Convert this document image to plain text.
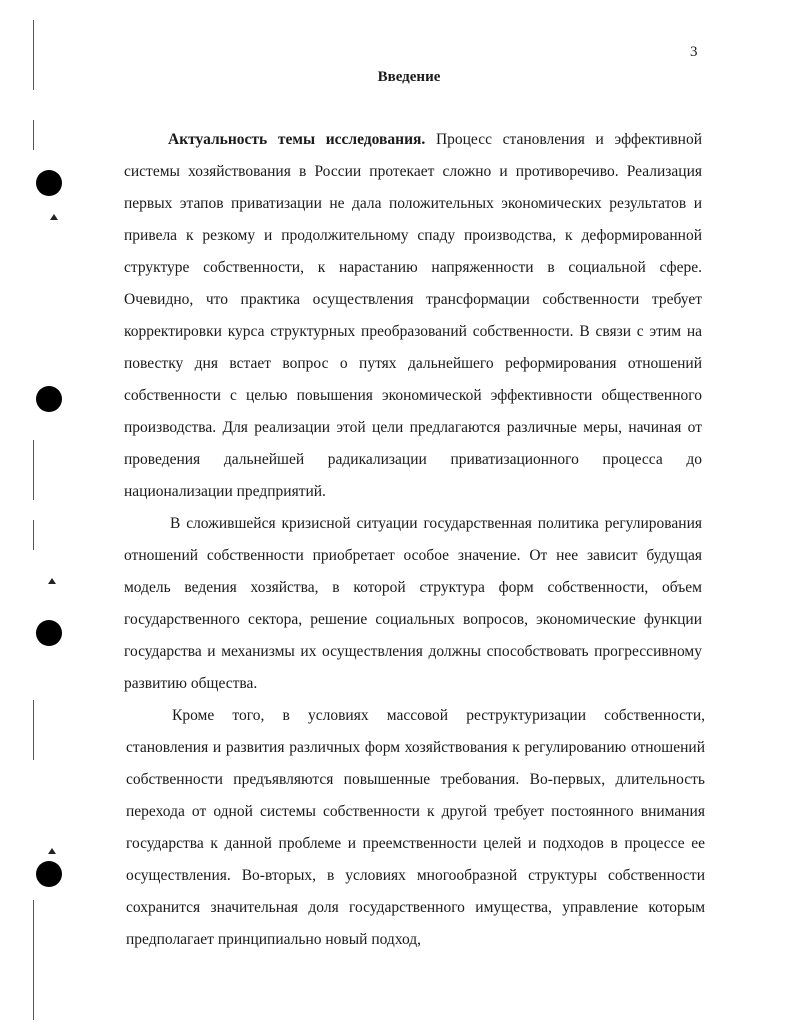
3
Введение

Актуальность темы исследования. Процесс становления и эффективной системы хозяйствования в России протекает сложно и противоречиво. Реализация первых этапов приватизации не дала положительных экономических результатов и привела к резкому и продолжительному спаду производства, к деформированной структуре собственности, к нарастанию напряженности в социальной сфере. Очевидно, что практика осуществления трансформации собственности требует корректировки курса структурных преобразований собственности. В связи с этим на повестку дня встает вопрос о путях дальнейшего реформирования отношений собственности с целью повышения экономической эффективности общественного производства. Для реализации этой цели предлагаются различные меры, начиная от проведения дальнейшей радикализации приватизационного процесса до национализации предприятий.

В сложившейся кризисной ситуации государственная политика регулирования отношений собственности приобретает особое значение. От нее зависит будущая модель ведения хозяйства, в которой структура форм собственности, объем государственного сектора, решение социальных вопросов, экономические функции государства и механизмы их осуществления должны способствовать прогрессивному развитию общества.

Кроме того, в условиях массовой реструктуризации собственности, становления и развития различных форм хозяйствования к регулированию отношений собственности предъявляются повышенные требования. Во-первых, длительность перехода от одной системы собственности к другой требует постоянного внимания государства к данной проблеме и преемственности целей и подходов в процессе ее осуществления. Во-вторых, в условиях многообразной структуры собственности сохранится значительная доля государственного имущества, управление которым предполагает принципиально новый подход,
